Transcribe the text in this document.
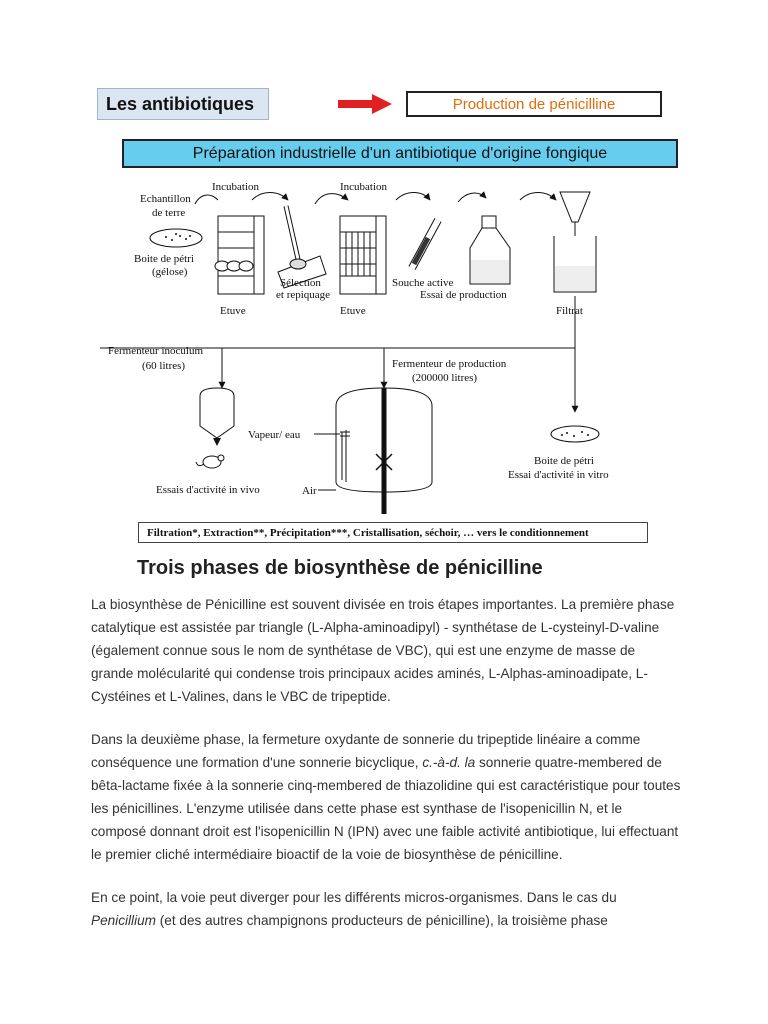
Les antibiotiques	Production de pénicilline
Préparation industrielle d'un antibiotique d'origine fongique
Incubation	Incubation
Echantillon
de terre
Boite de pétri
(gélose)
Etuve
Sélection
et repiquage
Etuve
Souche active
Essai de production
Filtrat
Fermenteur inoculum
(60 litres)	Fermenteur de production
(200000 litres)
Essais d'activité in vivo
Vapeur/ eau
Air
Boite de pétri
Essai d'activité in vitro
Filtration*, Extraction**, Précipitation***, Cristallisation, séchoir, … vers le conditionnement
Trois phases de biosynthèse de pénicilline

La biosynthèse de Pénicilline est souvent divisée en trois étapes importantes. La première phase catalytique est assistée par triangle (L-Alpha-aminoadipyl) - synthétase de L-cysteinyl-D-valine (également connue sous le nom de synthétase de VBC), qui est une enzyme de masse de grande molécularité qui condense trois principaux acides aminés, L-Alphas-aminoadipate, L-Cystéines et L-Valines, dans le VBC de tripeptide.

Dans la deuxième phase, la fermeture oxydante de sonnerie du tripeptide linéaire a comme conséquence une formation d'une sonnerie bicyclique, c.-à-d. la sonnerie quatre-membered de bêta-lactame fixée à la sonnerie cinq-membered de thiazolidine qui est caractéristique pour toutes les pénicillines. L'enzyme utilisée dans cette phase est synthase de l'isopenicillin N, et le composé donnant droit est l'isopenicillin N (IPN) avec une faible activité antibiotique, lui effectuant le premier cliché intermédiaire bioactif de la voie de biosynthèse de pénicilline.

En ce point, la voie peut diverger pour les différents micros-organismes. Dans le cas du Penicillium (et des autres champignons producteurs de pénicilline), la troisième phase
